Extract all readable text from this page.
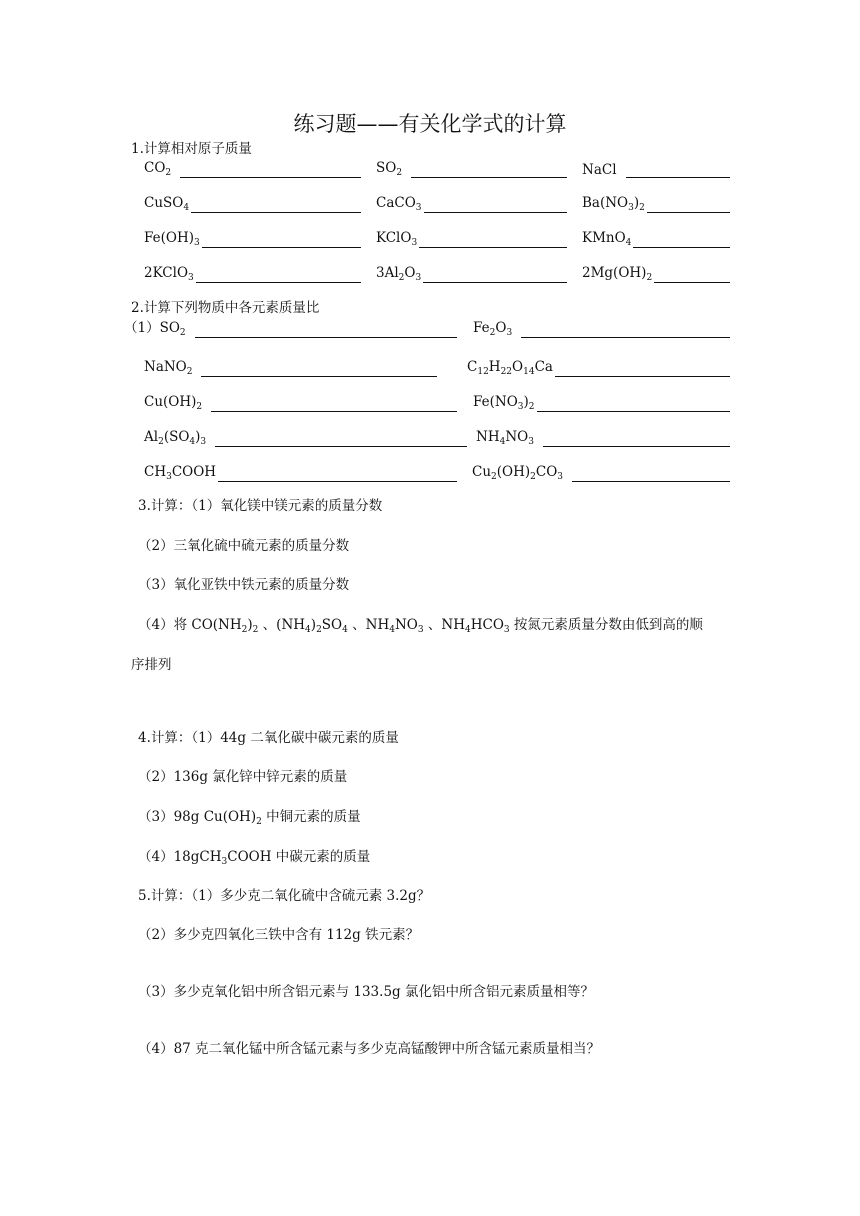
练习题——有关化学式的计算
1.计算相对原子质量
$CO_2$	$SO_2$	NaCl
CuSO$_4$	CaCO$_3$	$Ba(NO_3)_2$
$Fe(OH)_3$	KClO$_3$	KMnO$_4$
2KClO$_3$	$3Al_2O_3$	$2Mg(OH)_2$
2.计算下列物质中各元素质量比
$(1)SO_2$	$Fe_2O_3$
NaNO$_2$	$C_{12}H_{22}O_{14}Ca$
$Cu(OH)_2$	$Fe(NO_3)_2$
$Al_2(SO_4)_3$	$NH_4NO_3$
$CH_3COOH$	$Cu_2(OH)_2CO_3$
3.计算：（1）氧化镁中镁元素的质量分数
（2）三氧化硫中硫元素的质量分数
（3）氧化亚铁中铁元素的质量分数
（4）将 $CO(NH_2)_2$ 、$(NH_4)_2SO_4$ 、$NH_4NO_3$ 、$NH_4HCO_3$ 按氮元素质量分数由低到高的顺
序排列
4.计算：（1）44g 二氧化碳中碳元素的质量
（2）136g 氯化锌中锌元素的质量
（3）98g $Cu(OH)_2$ 中铜元素的质量
（4）18gCH$_3$COOH 中碳元素的质量
5.计算：（1）多少克二氧化硫中含硫元素 3.2g？
（2）多少克四氧化三铁中含有 112g 铁元素？
（3）多少克氧化铝中所含铝元素与 133.5g 氯化铝中所含铝元素质量相等？
（4）87 克二氧化锰中所含锰元素与多少克高锰酸钾中所含锰元素质量相当？
